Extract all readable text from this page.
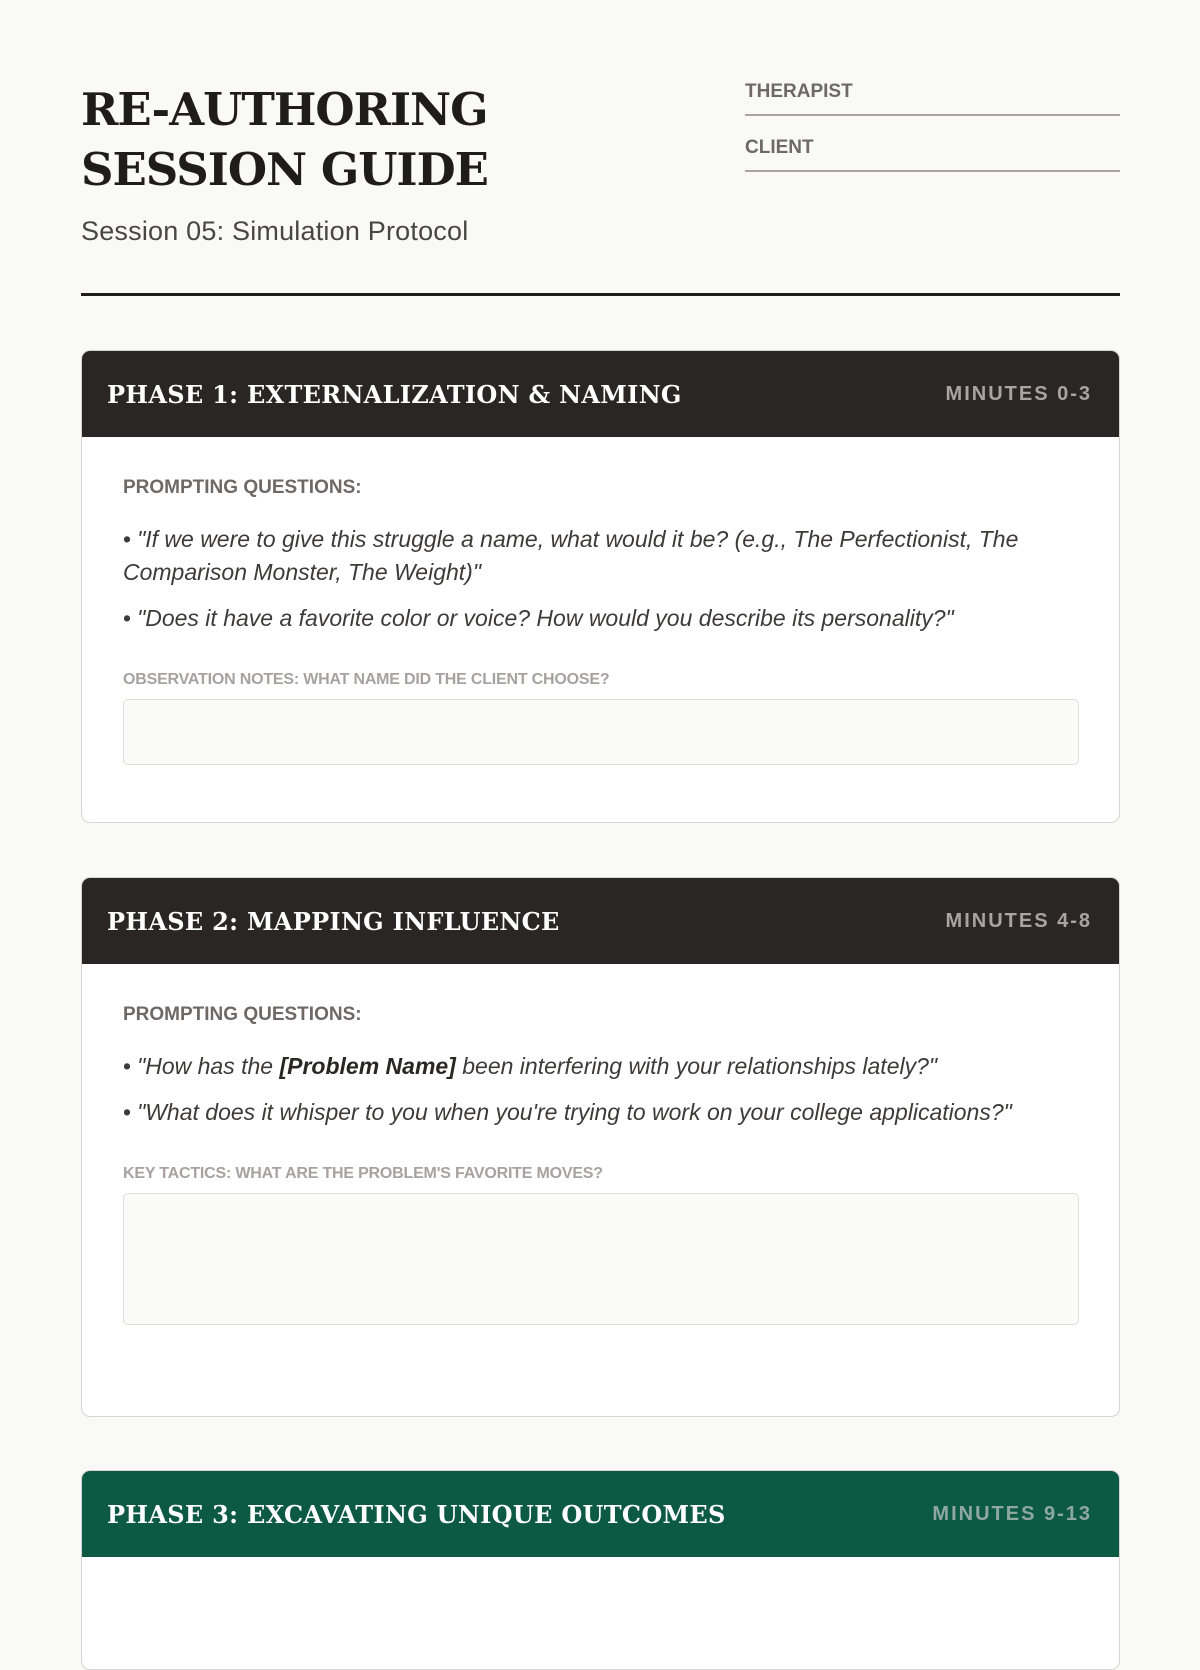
RE-AUTHORING SESSION GUIDE
Session 05: Simulation Protocol
THERAPIST
CLIENT
PHASE 1: EXTERNALIZATION & NAMING	MINUTES 0-3
PROMPTING QUESTIONS:
• "If we were to give this struggle a name, what would it be? (e.g., The Perfectionist, The Comparison Monster, The Weight)"
• "Does it have a favorite color or voice? How would you describe its personality?"
OBSERVATION NOTES: WHAT NAME DID THE CLIENT CHOOSE?
PHASE 2: MAPPING INFLUENCE	MINUTES 4-8
PROMPTING QUESTIONS:
• "How has the [Problem Name] been interfering with your relationships lately?"
• "What does it whisper to you when you're trying to work on your college applications?"
KEY TACTICS: WHAT ARE THE PROBLEM'S FAVORITE MOVES?
PHASE 3: EXCAVATING UNIQUE OUTCOMES	MINUTES 9-13
